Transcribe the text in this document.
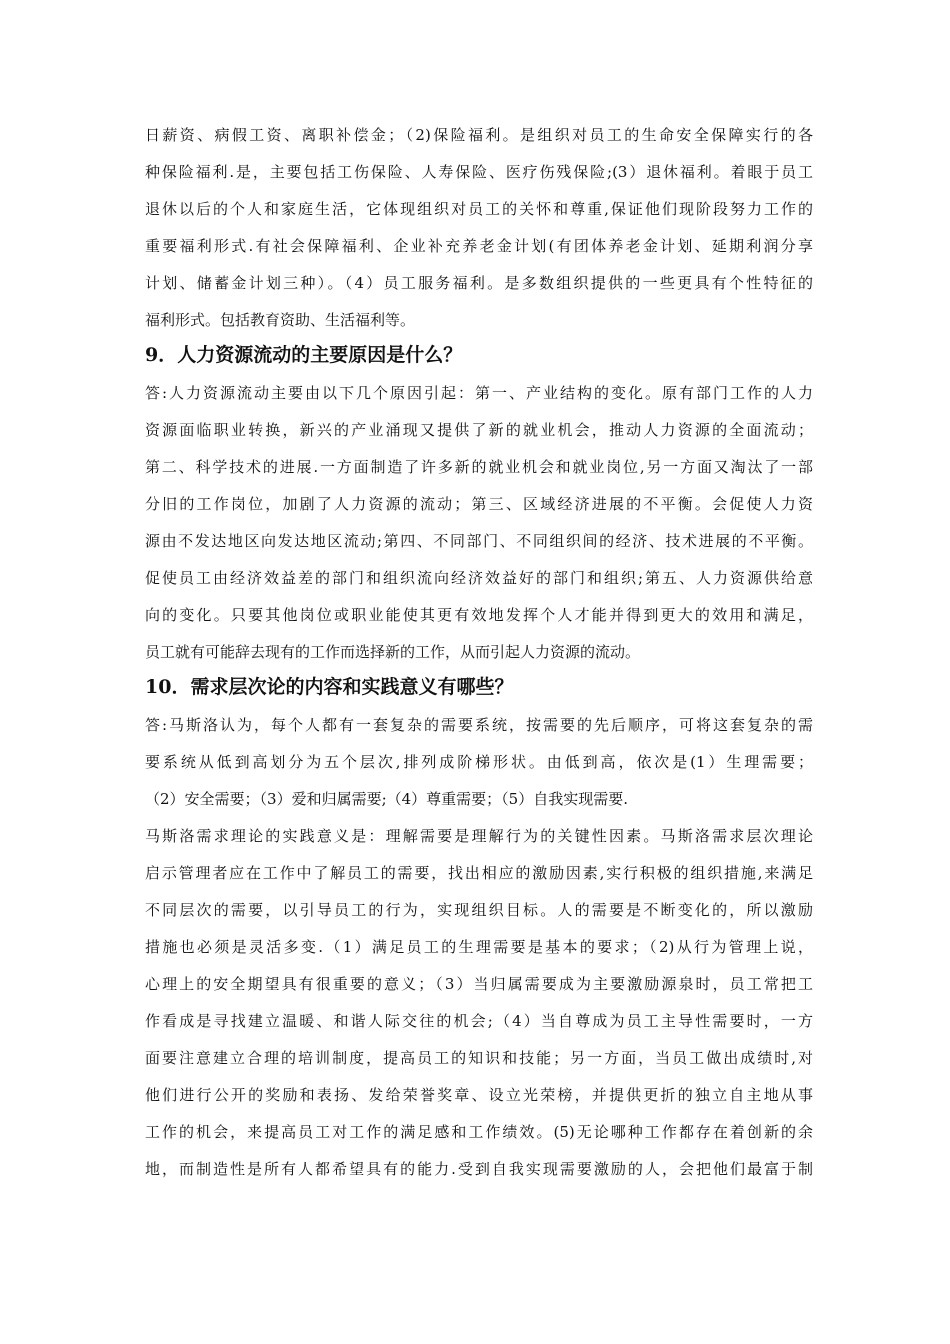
日薪资、病假工资、离职补偿金；（2)保险福利。是组织对员工的生命安全保障实行的各
种保险福利.是，主要包括工伤保险、人寿保险、医疗伤残保险;(3）退休福利。着眼于员工
退休以后的个人和家庭生活，它体现组织对员工的关怀和尊重,保证他们现阶段努力工作的
重要福利形式.有社会保障福利、企业补充养老金计划(有团体养老金计划、延期利润分享
计划、储蓄金计划三种）。（4）员工服务福利。是多数组织提供的一些更具有个性特征的
福利形式。包括教育资助、生活福利等。
9．人力资源流动的主要原因是什么？
答:人力资源流动主要由以下几个原因引起：第一、产业结构的变化。原有部门工作的人力
资源面临职业转换，新兴的产业涌现又提供了新的就业机会，推动人力资源的全面流动；
第二、科学技术的进展.一方面制造了许多新的就业机会和就业岗位,另一方面又淘汰了一部
分旧的工作岗位，加剧了人力资源的流动；第三、区域经济进展的不平衡。会促使人力资
源由不发达地区向发达地区流动;第四、不同部门、不同组织间的经济、技术进展的不平衡。
促使员工由经济效益差的部门和组织流向经济效益好的部门和组织;第五、人力资源供给意
向的变化。只要其他岗位或职业能使其更有效地发挥个人才能并得到更大的效用和满足，
员工就有可能辞去现有的工作而选择新的工作，从而引起人力资源的流动。
10．需求层次论的内容和实践意义有哪些？
答:马斯洛认为，每个人都有一套复杂的需要系统，按需要的先后顺序，可将这套复杂的需
要系统从低到高划分为五个层次,排列成阶梯形状。由低到高，依次是(1）生理需要；
（2）安全需要；（3）爱和归属需要;（4）尊重需要；（5）自我实现需要.
马斯洛需求理论的实践意义是：理解需要是理解行为的关键性因素。马斯洛需求层次理论
启示管理者应在工作中了解员工的需要，找出相应的激励因素,实行积极的组织措施,来满足
不同层次的需要，以引导员工的行为，实现组织目标。人的需要是不断变化的，所以激励
措施也必须是灵活多变.（1）满足员工的生理需要是基本的要求；（2)从行为管理上说，
心理上的安全期望具有很重要的意义；（3）当归属需要成为主要激励源泉时，员工常把工
作看成是寻找建立温暖、和谐人际交往的机会;（4）当自尊成为员工主导性需要时，一方
面要注意建立合理的培训制度，提高员工的知识和技能；另一方面，当员工做出成绩时,对
他们进行公开的奖励和表扬、发给荣誉奖章、设立光荣榜，并提供更折的独立自主地从事
工作的机会，来提高员工对工作的满足感和工作绩效。(5)无论哪种工作都存在着创新的余
地，而制造性是所有人都希望具有的能力.受到自我实现需要激励的人，会把他们最富于制
